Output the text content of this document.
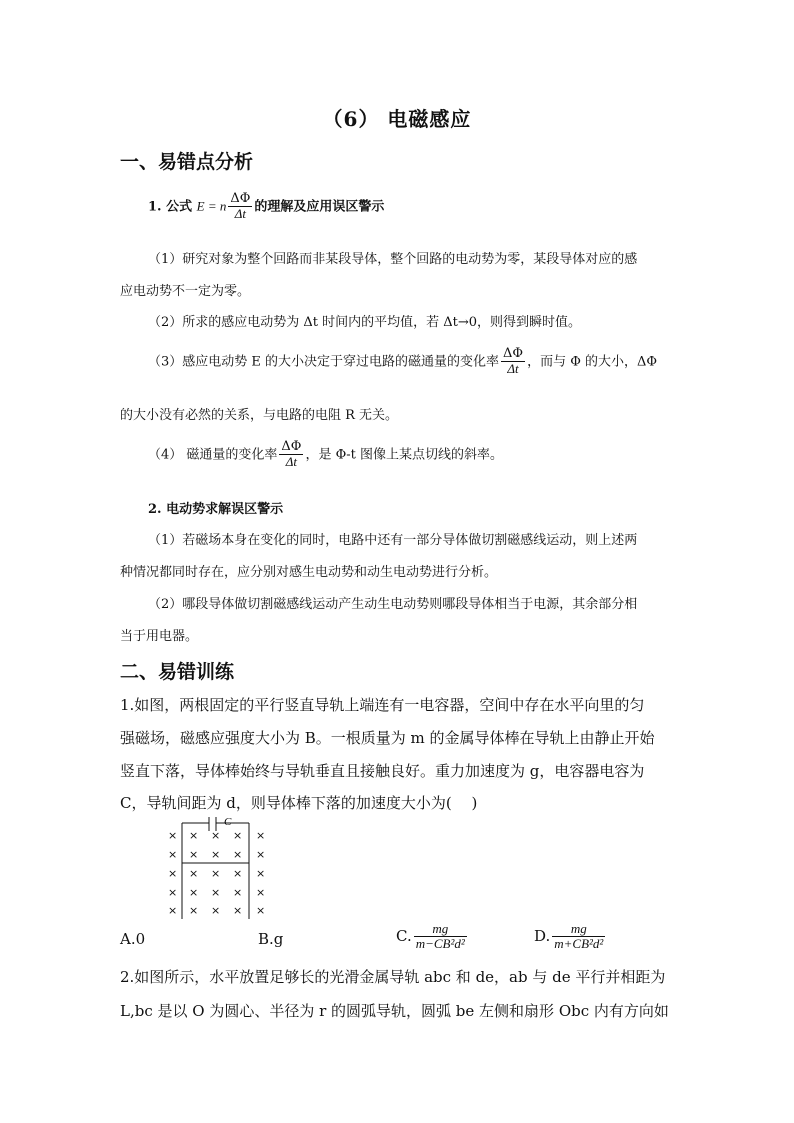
（6） 电磁感应
一、易错点分析
1. 公式 E = n $\frac{\Delta\Phi}{\Delta t}$ 的理解及应用误区警示
（1）研究对象为整个回路而非某段导体，整个回路的电动势为零，某段导体对应的感
应电动势不一定为零。
（2）所求的感应电动势为 Δt 时间内的平均值，若 Δt→0，则得到瞬时值。
（3）感应电动势 E 的大小决定于穿过电路的磁通量的变化率 $\frac{\Delta\Phi}{\Delta t}$ ，而与 Φ 的大小，ΔΦ
的大小没有必然的关系，与电路的电阻 R 无关。
（4） 磁通量的变化率 $\frac{\Delta\Phi}{\Delta t}$ ，是 Φ-t 图像上某点切线的斜率。
2. 电动势求解误区警示
（1）若磁场本身在变化的同时，电路中还有一部分导体做切割磁感线运动，则上述两
种情况都同时存在，应分别对感生电动势和动生电动势进行分析。
（2）哪段导体做切割磁感线运动产生动生电动势则哪段导体相当于电源，其余部分相
当于用电器。
二、易错训练
1.如图，两根固定的平行竖直导轨上端连有一电容器，空间中存在水平向里的匀
强磁场，磁感应强度大小为 B。一根质量为 m 的金属导体棒在导轨上由静止开始
竖直下落，导体棒始终与导轨垂直且接触良好。重力加速度为 g，电容器电容为
C，导轨间距为 d，则导体棒下落的加速度大小为(　 )
C
× × × × ×
× × × × ×
× × × × ×
× × × × ×
× × × × ×
A.0	B.g	C. $\frac{mg}{\text{m−CB²d²}}$	D. $\frac{mg}{\text{m+CB²d²}}$
2.如图所示，水平放置足够长的光滑金属导轨 abc 和 de，ab 与 de 平行并相距为
L,bc 是以 O 为圆心、半径为 r 的圆弧导轨，圆弧 be 左侧和扇形 Obc 内有方向如
